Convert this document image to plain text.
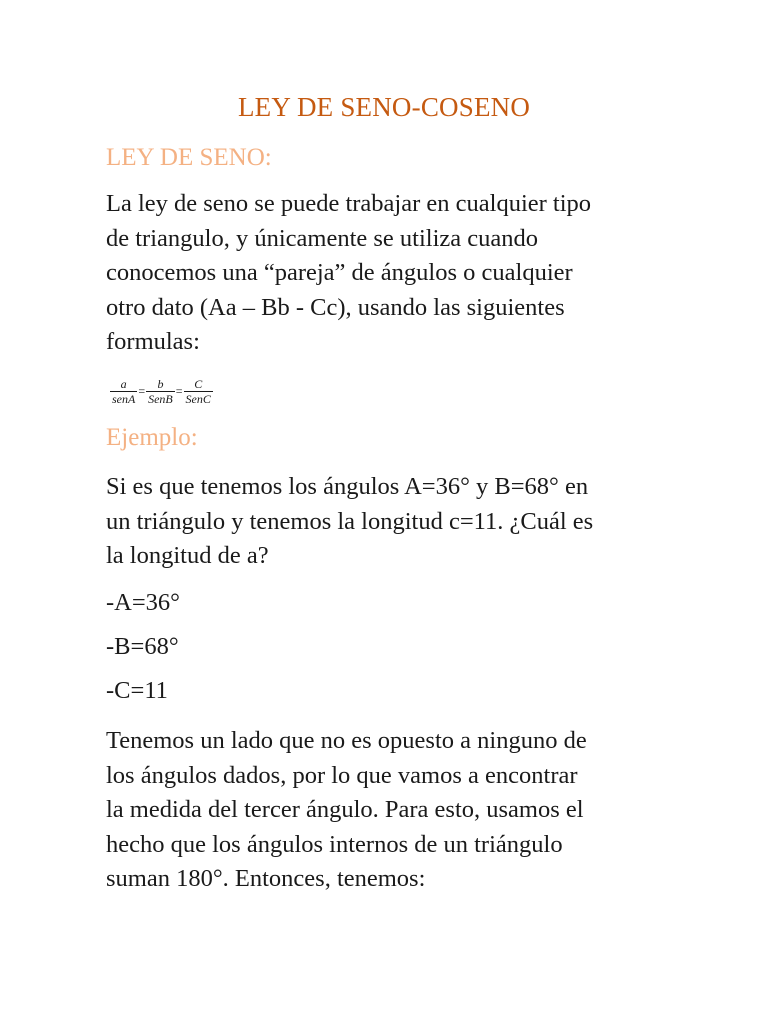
LEY DE SENO-COSENO
LEY DE SENO:

La ley de seno se puede trabajar en cualquier tipo
de triangulo, y únicamente se utiliza cuando
conocemos una “pareja” de ángulos o cualquier
otro dato (Aa – Bb - Cc), usando las siguientes
formulas:

$\frac{a}{\text{senA}} = \frac{b}{\text{SenB}} = \frac{C}{\text{SenC}}$
Ejemplo:

Si es que tenemos los ángulos A=36° y B=68° en
un triángulo y tenemos la longitud c=11. ¿Cuál es
la longitud de a?

-A=36°

-B=68°

-C=11

Tenemos un lado que no es opuesto a ninguno de
los ángulos dados, por lo que vamos a encontrar
la medida del tercer ángulo. Para esto, usamos el
hecho que los ángulos internos de un triángulo
suman 180°. Entonces, tenemos:
